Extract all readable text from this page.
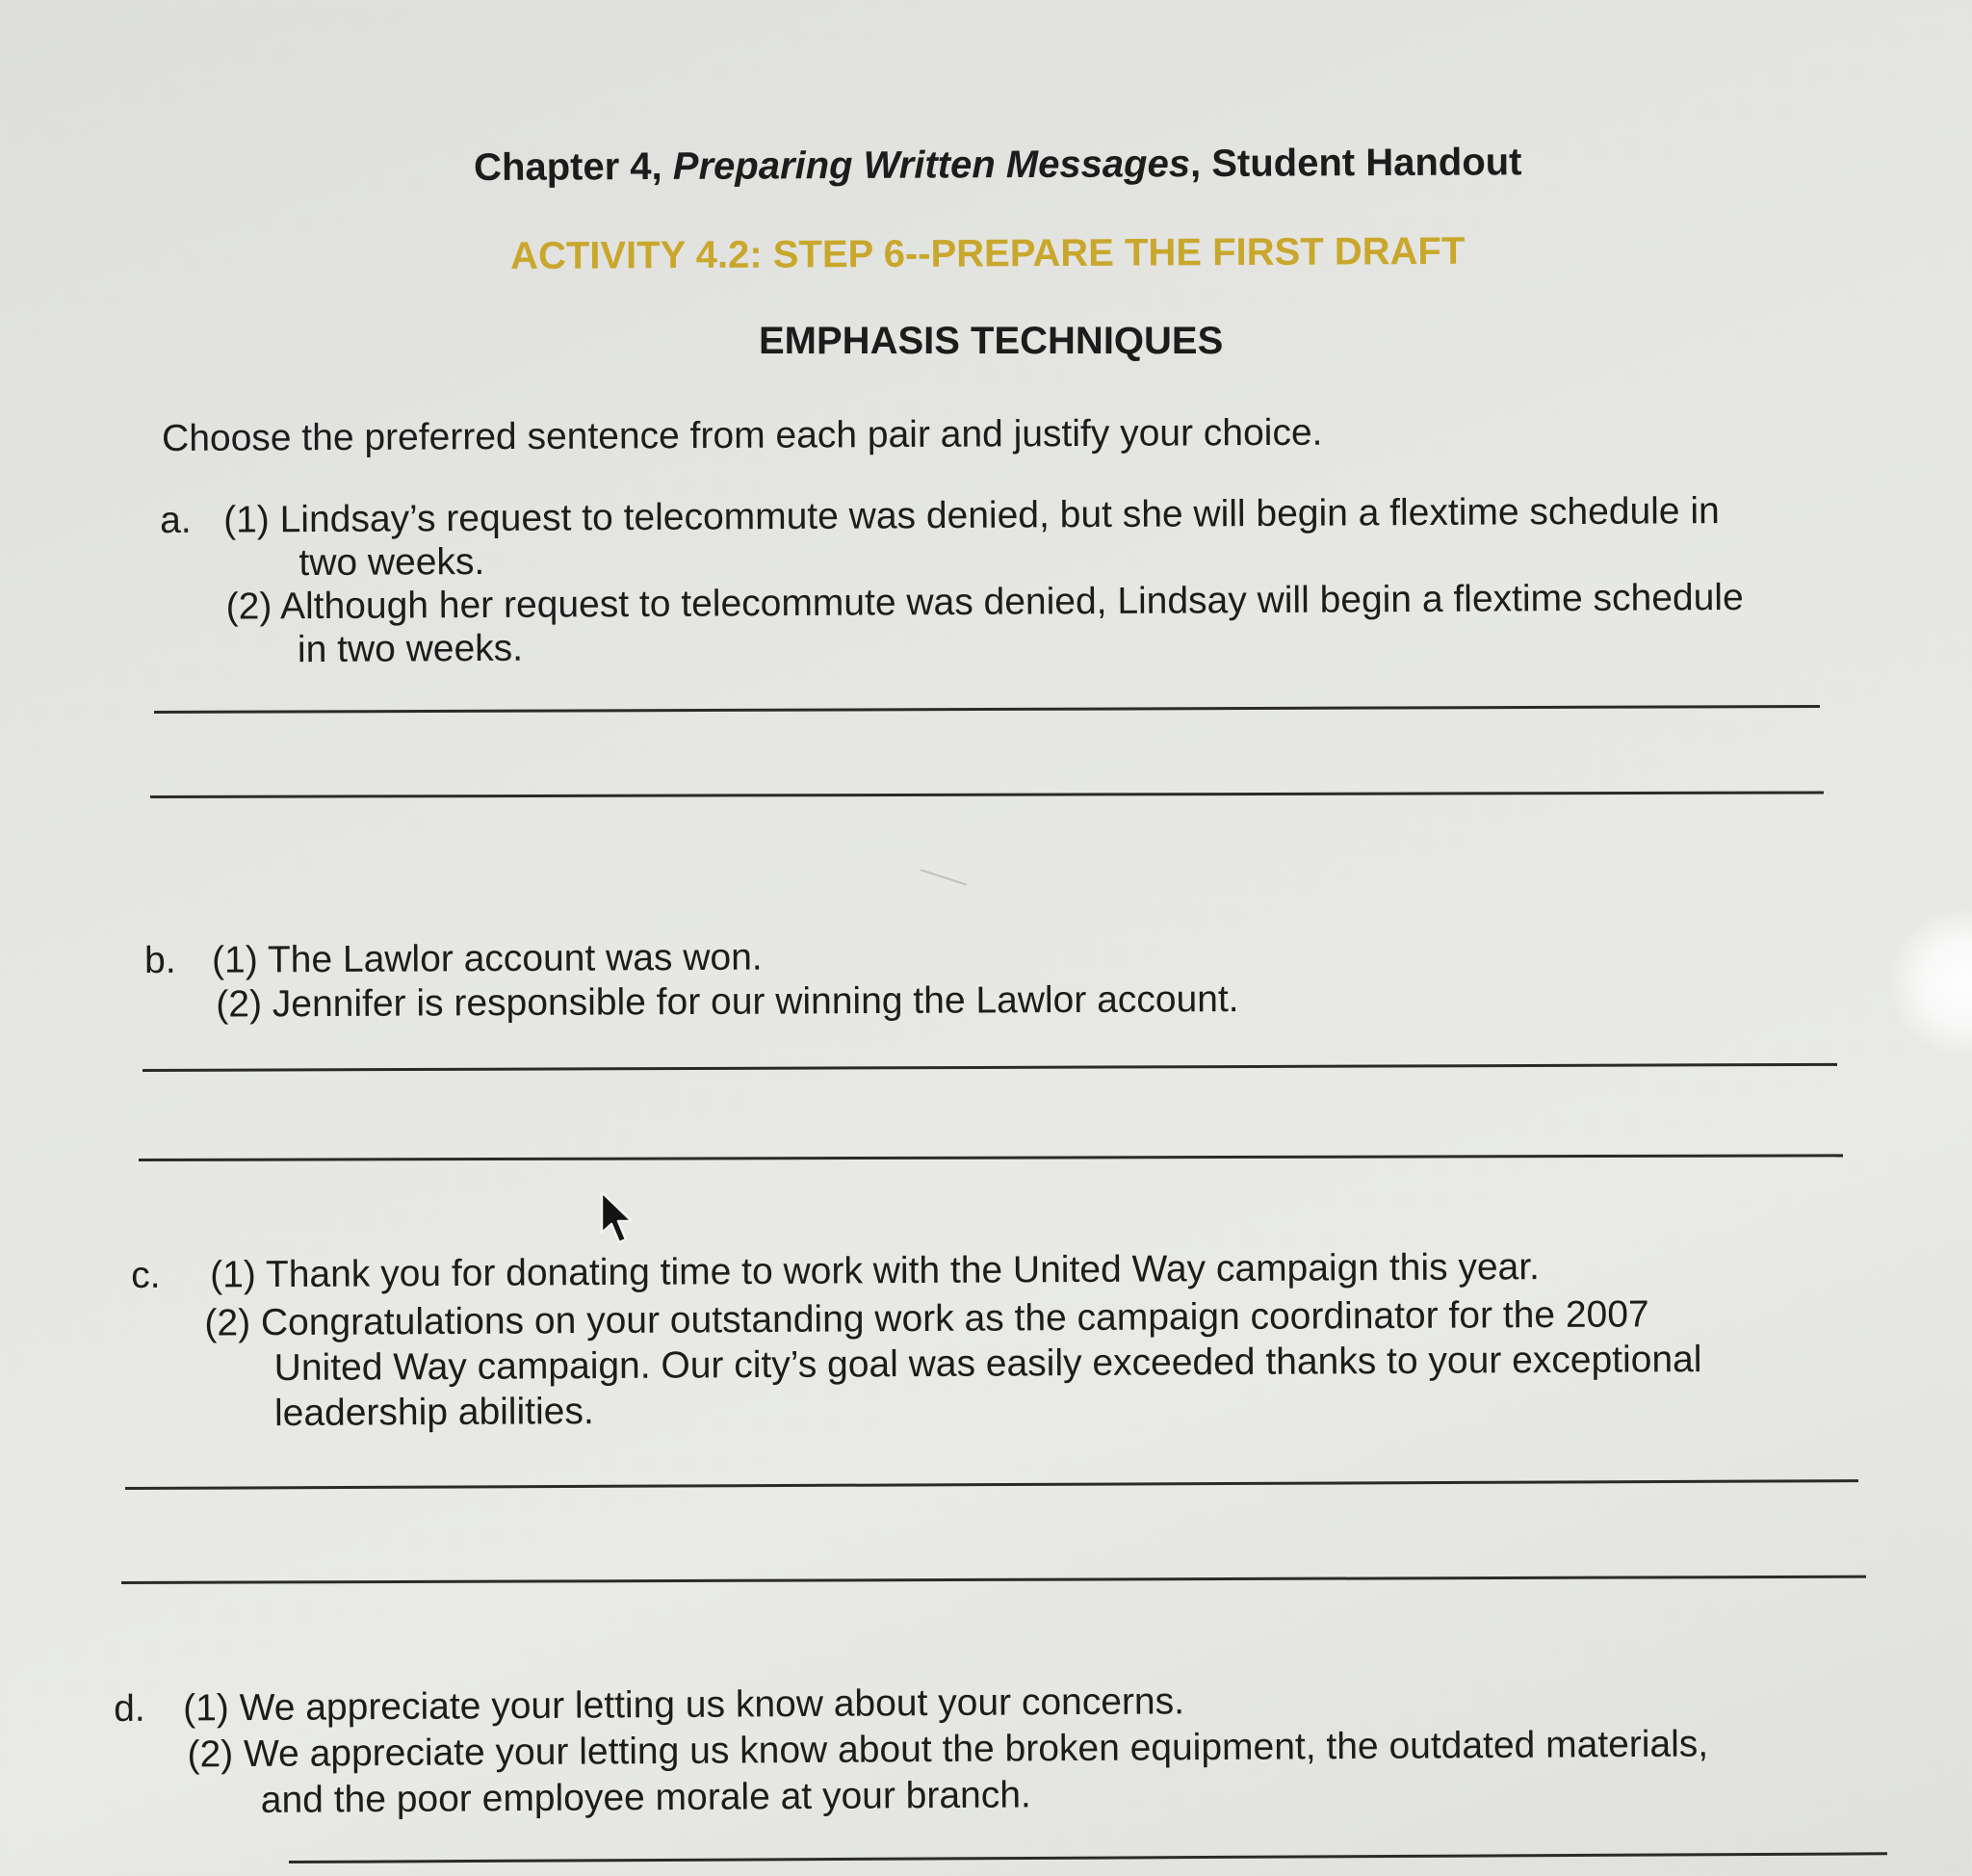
Chapter 4, Preparing Written Messages, Student Handout
ACTIVITY 4.2: STEP 6--PREPARE THE FIRST DRAFT
EMPHASIS TECHNIQUES
Choose the preferred sentence from each pair and justify your choice.
a. (1) Lindsay’s request to telecommute was denied, but she will begin a flextime schedule in
two weeks.
(2) Although her request to telecommute was denied, Lindsay will begin a flextime schedule
in two weeks.
b. (1) The Lawlor account was won.
(2) Jennifer is responsible for our winning the Lawlor account.
c. (1) Thank you for donating time to work with the United Way campaign this year.
(2) Congratulations on your outstanding work as the campaign coordinator for the 2007
United Way campaign. Our city’s goal was easily exceeded thanks to your exceptional
leadership abilities.
d. (1) We appreciate your letting us know about your concerns.
(2) We appreciate your letting us know about the broken equipment, the outdated materials,
and the poor employee morale at your branch.
